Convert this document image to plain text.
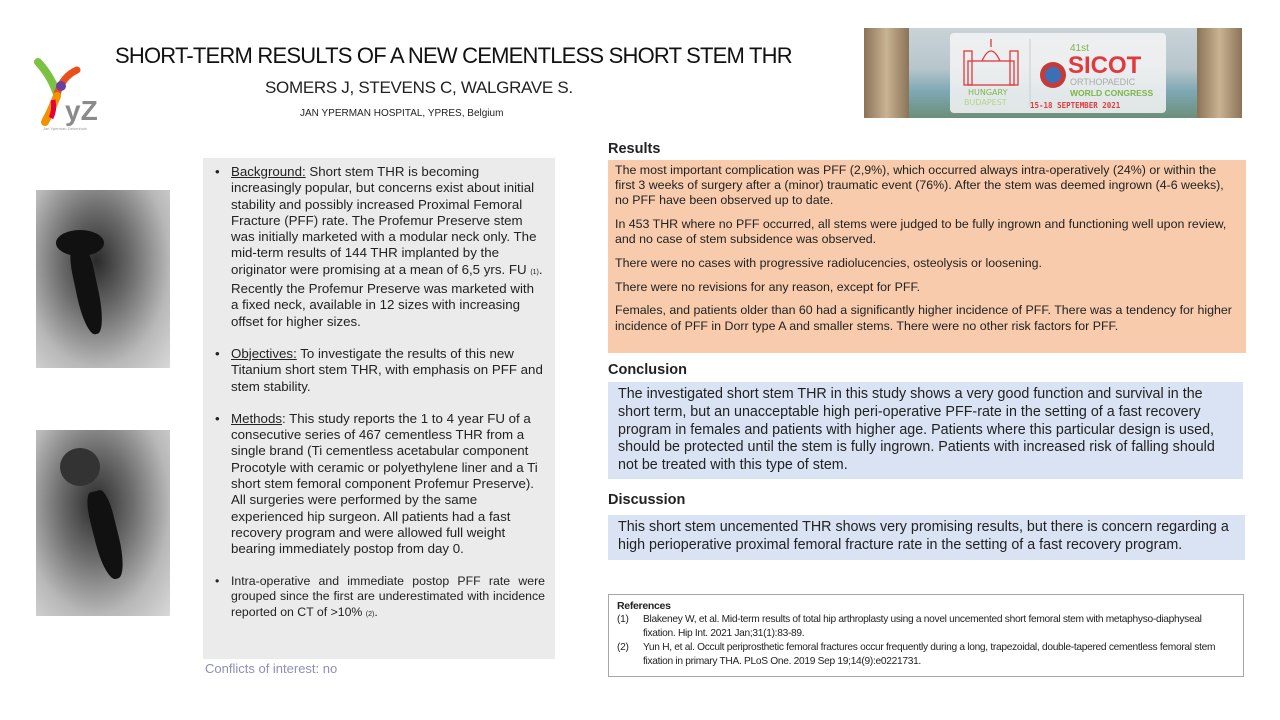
SHORT-TERM RESULTS OF A NEW CEMENTLESS SHORT STEM THR
SOMERS J, STEVENS C, WALGRAVE S.
JAN YPERMAN HOSPITAL, YPRES, Belgium
yZ
Jan Yperman Ziekenhuis
HUNGARY
BUDAPEST
41st
SICOT
ORTHOPAEDIC
WORLD CONGRESS
15-18 SEPTEMBER 2021
• Background: Short stem THR is becoming increasingly popular, but concerns exist about initial stability and possibly increased Proximal Femoral Fracture (PFF) rate. The Profemur Preserve stem was initially marketed with a modular neck only. The mid-term results of 144 THR implanted by the originator were promising at a mean of 6,5 yrs. FU (1). Recently the Profemur Preserve was marketed with a fixed neck, available in 12 sizes with increasing offset for higher sizes.
• Objectives: To investigate the results of this new Titanium short stem THR, with emphasis on PFF and stem stability.
• Methods: This study reports the 1 to 4 year FU of a consecutive series of 467 cementless THR from a single brand (Ti cementless acetabular component Procotyle with ceramic or polyethylene liner and a Ti short stem femoral component Profemur Preserve). All surgeries were performed by the same experienced hip surgeon. All patients had a fast recovery program and were allowed full weight bearing immediately postop from day 0.
• Intra-operative and immediate postop PFF rate were grouped since the first are underestimated with incidence reported on CT of >10% (2).
Conflicts of interest: no
Results

The most important complication was PFF (2,9%), which occurred always intra-operatively (24%) or within the first 3 weeks of surgery after a (minor) traumatic event (76%). After the stem was deemed ingrown (4-6 weeks), no PFF have been observed up to date.

In 453 THR where no PFF occurred, all stems were judged to be fully ingrown and functioning well upon review, and no case of stem subsidence was observed.

There were no cases with progressive radiolucencies, osteolysis or loosening.

There were no revisions for any reason, except for PFF.

Females, and patients older than 60 had a significantly higher incidence of PFF. There was a tendency for higher incidence of PFF in Dorr type A and smaller stems. There were no other risk factors for PFF.

Conclusion
The investigated short stem THR in this study shows a very good function and survival in the short term, but an unacceptable high peri-operative PFF-rate in the setting of a fast recovery program in females and patients with higher age. Patients where this particular design is used, should be protected until the stem is fully ingrown. Patients with increased risk of falling should not be treated with this type of stem.
Discussion
This short stem uncemented THR shows very promising results, but there is concern regarding a high perioperative proximal femoral fracture rate in the setting of a fast recovery program.
References
(1)	Blakeney W, et al. Mid-term results of total hip arthroplasty using a novel uncemented short femoral stem with metaphyso-diaphyseal fixation. Hip Int. 2021 Jan;31(1):83-89.
(2)	Yun H, et al. Occult periprosthetic femoral fractures occur frequently during a long, trapezoidal, double-tapered cementless femoral stem fixation in primary THA. PLoS One. 2019 Sep 19;14(9):e0221731.
